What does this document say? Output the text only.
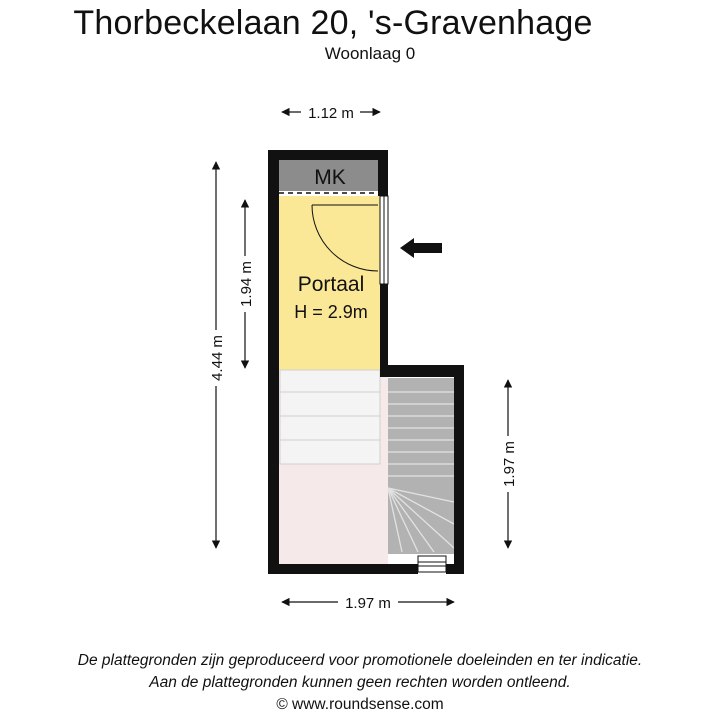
Thorbeckelaan 20, 's-Gravenhage
Woonlaag 0
MK
Portaal
H = 2.9m
1.12 m
4.44 m
1.94 m
1.97 m
1.97 m
De plattegronden zijn geproduceerd voor promotionele doeleinden en ter indicatie.
Aan de plattegronden kunnen geen rechten worden ontleend.
© www.roundsense.com
